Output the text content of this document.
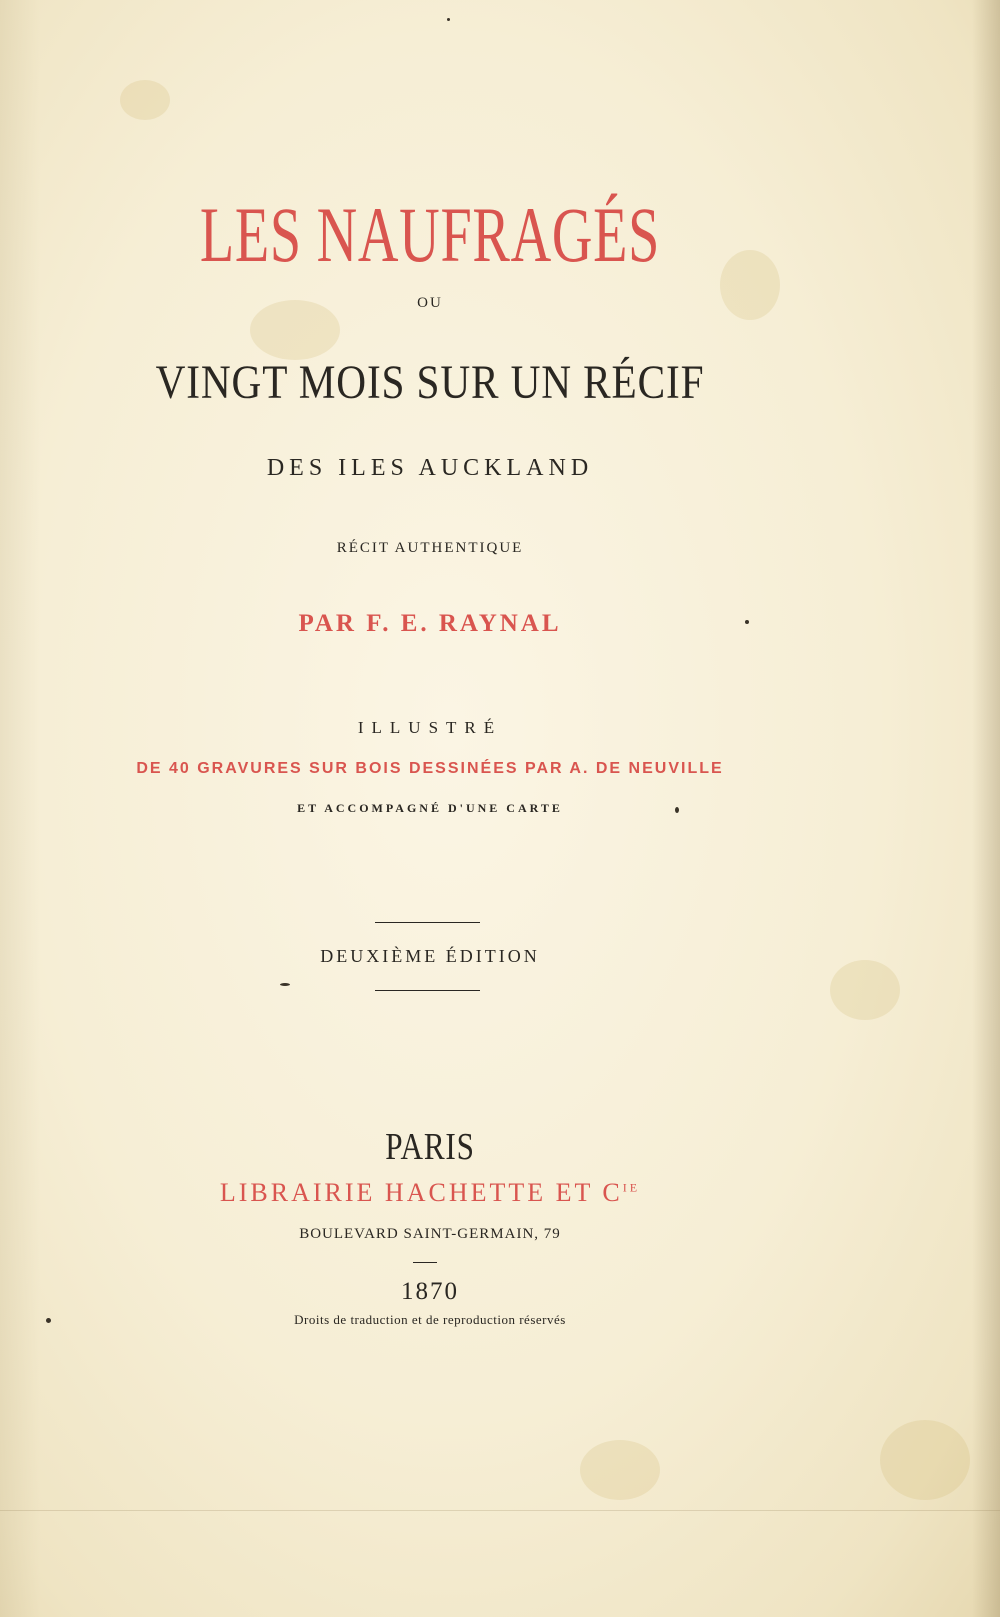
LES NAUFRAGÉS
OU
VINGT MOIS SUR UN RÉCIF
DES ILES AUCKLAND
RÉCIT AUTHENTIQUE
PAR F. E. RAYNAL
ILLUSTRÉ
DE 40 GRAVURES SUR BOIS DESSINÉES PAR A. DE NEUVILLE
ET ACCOMPAGNÉ D'UNE CARTE
DEUXIÈME ÉDITION
PARIS
LIBRAIRIE HACHETTE ET $C^{IE}$
BOULEVARD SAINT-GERMAIN, 79
1870
Droits de traduction et de reproduction réservés
